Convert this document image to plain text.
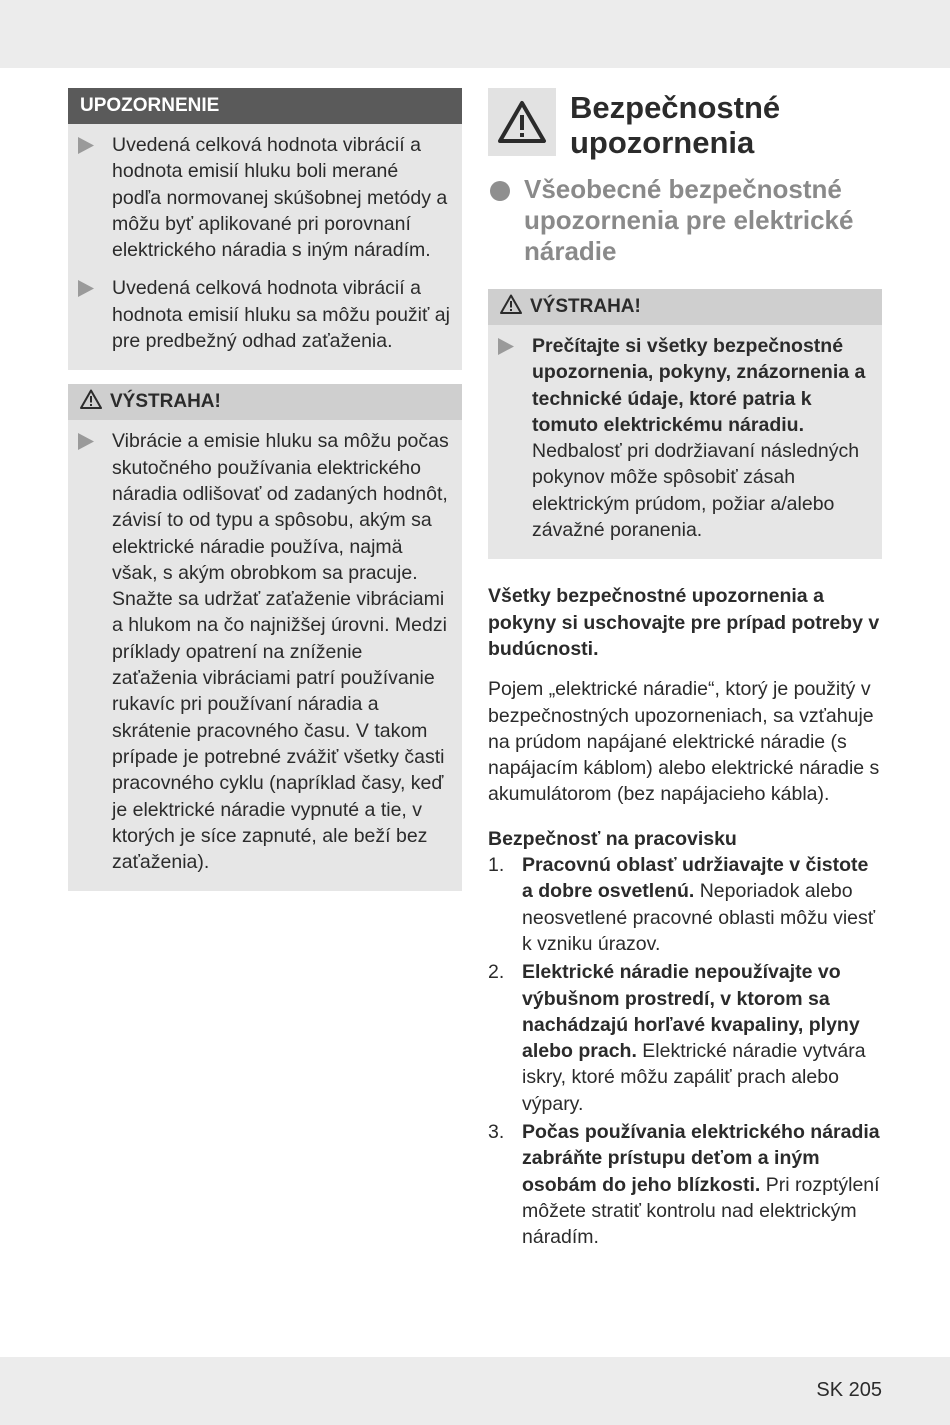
UPOZORNENIE
Uvedená celková hodnota vibrácií a hodnota emisií hluku boli merané podľa normovanej skúšobnej metódy a môžu byť aplikované pri porovnaní elektrického náradia s iným náradím.
Uvedená celková hodnota vibrácií a hodnota emisií hluku sa môžu použiť aj pre predbežný odhad zaťaženia.
VÝSTRAHA!
Vibrácie a emisie hluku sa môžu počas skutočného používania elektrického náradia odlišovať od zadaných hodnôt, závisí to od typu a spôsobu, akým sa elektrické náradie používa, najmä však, s akým obrobkom sa pracuje. Snažte sa udržať zaťaženie vibráciami a hlukom na čo najnižšej úrovni. Medzi príklady opatrení na zníženie zaťaženia vibráciami patrí používanie rukavíc pri používaní náradia a skrátenie pracovného času. V takom prípade je potrebné zvážiť všetky časti pracovného cyklu (napríklad časy, keď je elektrické náradie vypnuté a tie, v ktorých je síce zapnuté, ale beží bez zaťaženia).
Bezpečnostné upozornenia
Všeobecné bezpečnostné upozornenia pre elektrické náradie
VÝSTRAHA!
Prečítajte si všetky bezpečnostné upozornenia, pokyny, znázornenia a technické údaje, ktoré patria k tomuto elektrickému náradiu. Nedbalosť pri dodržiavaní následných pokynov môže spôsobiť zásah elektrickým prúdom, požiar a/alebo závažné poranenia.

Všetky bezpečnostné upozornenia a pokyny si uschovajte pre prípad potreby v budúcnosti.

Pojem „elektrické náradie“, ktorý je použitý v bezpečnostných upozorneniach, sa vzťahuje na prúdom napájané elektrické náradie (s napájacím káblom) alebo elektrické náradie s akumulátorom (bez napájacieho kábla).

Bezpečnosť na pracovisku
1. Pracovnú oblasť udržiavajte v čistote a dobre osvetlenú. Neporiadok alebo neosvetlené pracovné oblasti môžu viesť k vzniku úrazov.
2. Elektrické náradie nepoužívajte vo výbušnom prostredí, v ktorom sa nachádzajú horľavé kvapaliny, plyny alebo prach. Elektrické náradie vytvára iskry, ktoré môžu zapáliť prach alebo výpary.
3. Počas používania elektrického náradia zabráňte prístupu deťom a iným osobám do jeho blízkosti. Pri rozptýlení môžete stratiť kontrolu nad elektrickým náradím.
SK 205
